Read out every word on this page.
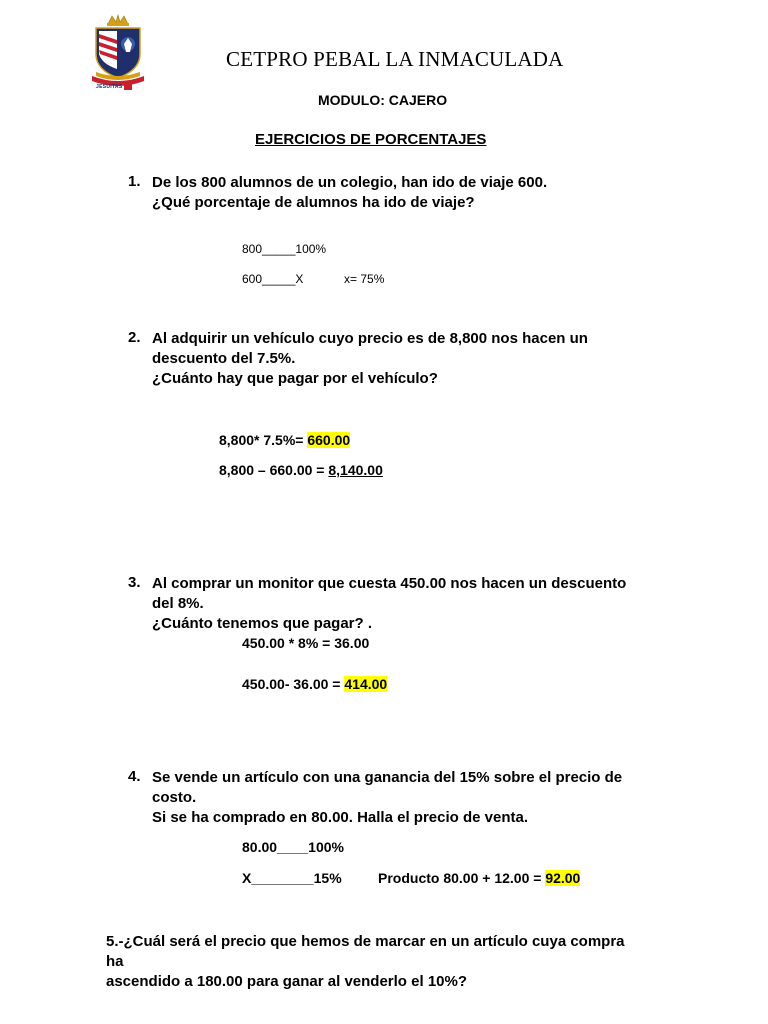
JESUITAS
CETPRO PEBAL LA INMACULADA
MODULO: CAJERO
EJERCICIOS DE PORCENTAJES
1. De los 800 alumnos de un colegio, han ido de viaje 600.
¿Qué porcentaje de alumnos ha ido de viaje?
800_____100%
600_____X	x= 75%
2. Al adquirir un vehículo cuyo precio es de 8,800 nos hacen un
descuento del 7.5%.
¿Cuánto hay que pagar por el vehículo?
8,800* 7.5%= 660.00
8,800 – 660.00 = 8,140.00
3. Al comprar un monitor que cuesta 450.00 nos hacen un descuento
del 8%.
¿Cuánto tenemos que pagar? .
450.00 * 8% = 36.00
450.00- 36.00 = 414.00
4. Se vende un artículo con una ganancia del 15% sobre el precio de
costo.
Si se ha comprado en 80.00. Halla el precio de venta.
80.00____100%
X________15%	Producto 80.00 + 12.00 = 92.00
5.-¿Cuál será el precio que hemos de marcar en un artículo cuya compra
ha
ascendido a 180.00 para ganar al venderlo el 10%?
